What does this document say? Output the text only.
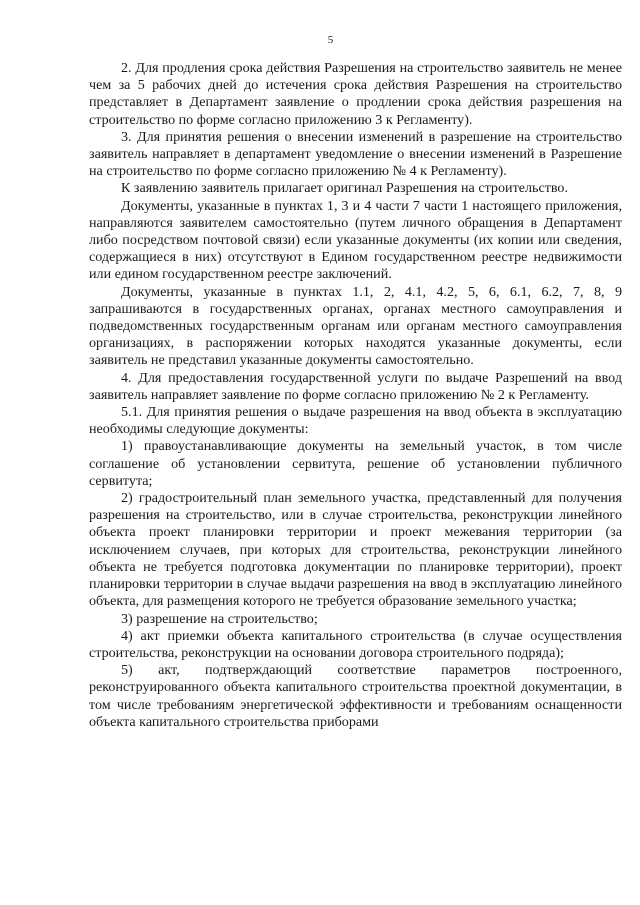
5

2. Для продления срока действия Разрешения на строительство заявитель не менее чем за 5 рабочих дней до истечения срока действия Разрешения на строительство представляет в Департамент заявление о продлении срока действия разрешения на строительство по форме согласно приложению 3 к Регламенту).

3. Для принятия решения о внесении изменений в разрешение на строительство заявитель направляет в департамент уведомление о внесении изменений в Разрешение на строительство по форме согласно приложению № 4 к Регламенту).

К заявлению заявитель прилагает оригинал Разрешения на строительство.

Документы, указанные в пунктах 1, 3 и 4 части 7 части 1 настоящего приложения, направляются заявителем самостоятельно (путем личного обращения в Департамент либо посредством почтовой связи) если указанные документы (их копии или сведения, содержащиеся в них) отсутствуют в Едином государственном реестре недвижимости или едином государственном реестре заключений.

Документы, указанные в пунктах 1.1, 2, 4.1, 4.2, 5, 6, 6.1, 6.2, 7, 8, 9 запрашиваются в государственных органах, органах местного самоуправления и подведомственных государственным органам или органам местного самоуправления организациях, в распоряжении которых находятся указанные документы, если заявитель не представил указанные документы самостоятельно.

4. Для предоставления государственной услуги по выдаче Разрешений на ввод заявитель направляет заявление по форме согласно приложению № 2 к Регламенту.

5.1. Для принятия решения о выдаче разрешения на ввод объекта в эксплуатацию необходимы следующие документы:

1) правоустанавливающие документы на земельный участок, в том числе соглашение об установлении сервитута, решение об установлении публичного сервитута;

2) градостроительный план земельного участка, представленный для получения разрешения на строительство, или в случае строительства, реконструкции линейного объекта проект планировки территории и проект межевания территории (за исключением случаев, при которых для строительства, реконструкции линейного объекта не требуется подготовка документации по планировке территории), проект планировки территории в случае выдачи разрешения на ввод в эксплуатацию линейного объекта, для размещения которого не требуется образование земельного участка;

3) разрешение на строительство;

4) акт приемки объекта капитального строительства (в случае осуществления строительства, реконструкции на основании договора строительного подряда);

5) акт, подтверждающий соответствие параметров построенного, реконструированного объекта капитального строительства проектной документации, в том числе требованиям энергетической эффективности и требованиям оснащенности объекта капитального строительства приборами
